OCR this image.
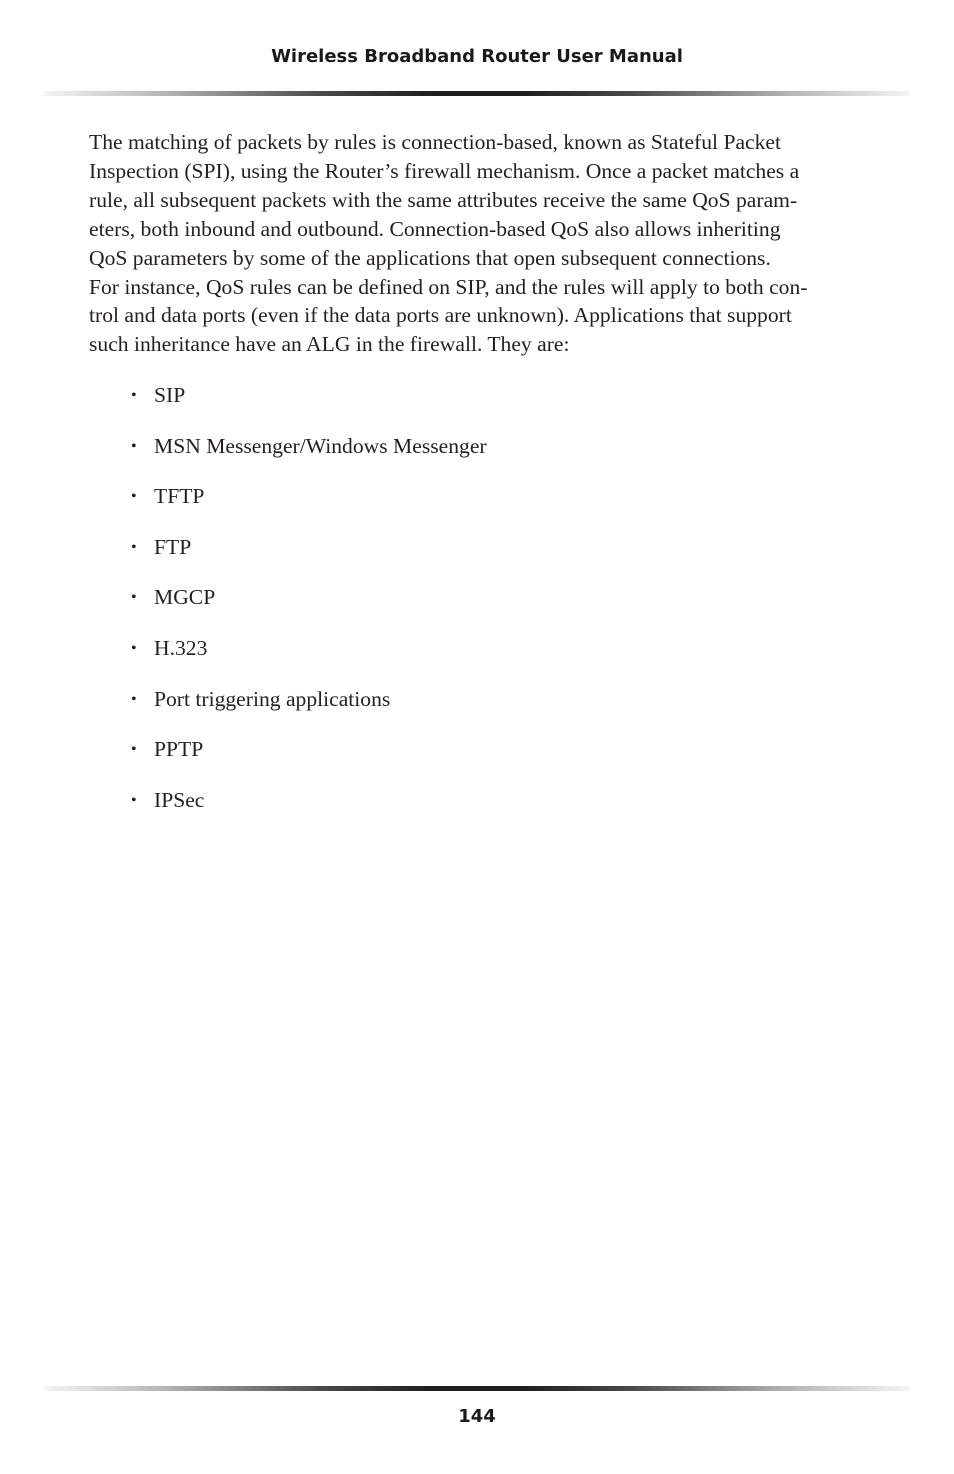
Wireless Broadband Router User Manual

The matching of packets by rules is connection-based, known as Stateful Packet
Inspection (SPI), using the Router’s firewall mechanism. Once a packet matches a
rule, all subsequent packets with the same attributes receive the same QoS param-
eters, both inbound and outbound. Connection-based QoS also allows inheriting
QoS parameters by some of the applications that open subsequent connections.
For instance, QoS rules can be defined on SIP, and the rules will apply to both con-
trol and data ports (even if the data ports are unknown). Applications that support
such inheritance have an ALG in the firewall. They are:

• SIP
• MSN Messenger/Windows Messenger
• TFTP
• FTP
• MGCP
• H.323
• Port triggering applications
• PPTP
• IPSec
144
